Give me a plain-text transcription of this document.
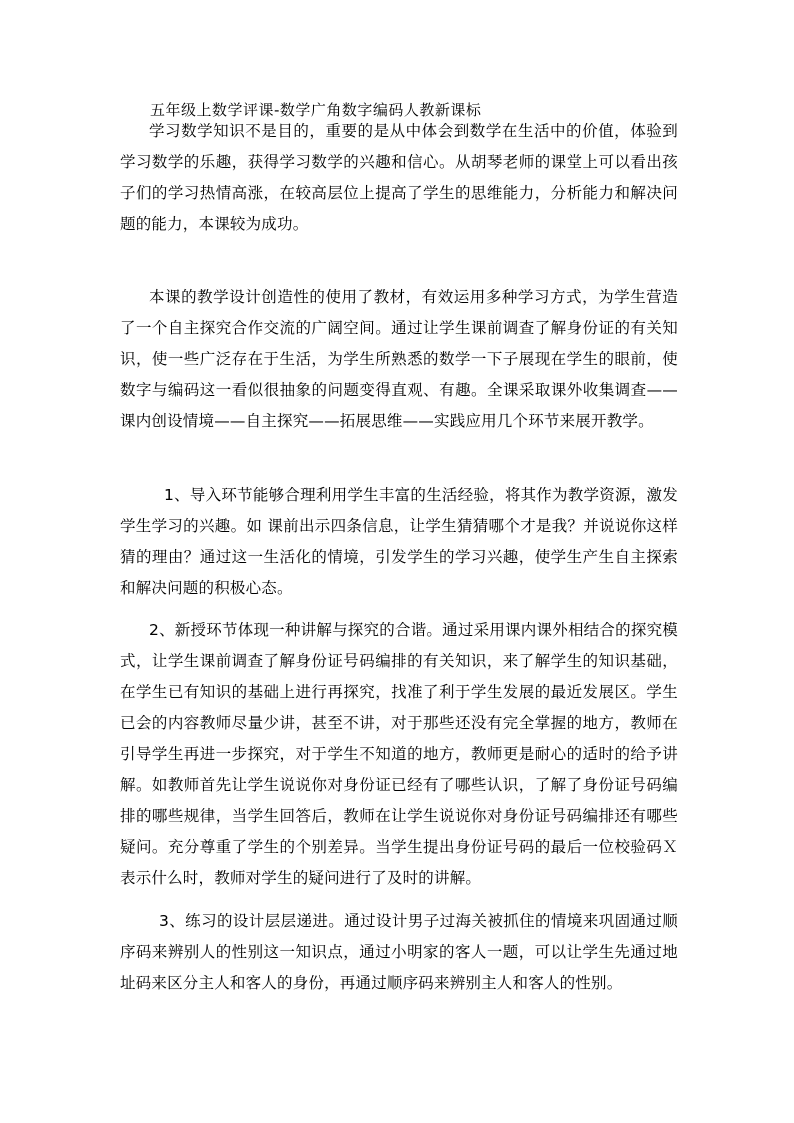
五年级上数学评课-数学广角数字编码人教新课标

学习数学知识不是目的，重要的是从中体会到数学在生活中的价值，体验到学习数学的乐趣，获得学习数学的兴趣和信心。从胡琴老师的课堂上可以看出孩子们的学习热情高涨，在较高层位上提高了学生的思维能力，分析能力和解决问题的能力，本课较为成功。

本课的教学设计创造性的使用了教材，有效运用多种学习方式，为学生营造了一个自主探究合作交流的广阔空间。通过让学生课前调查了解身份证的有关知识，使一些广泛存在于生活，为学生所熟悉的数学一下子展现在学生的眼前，使数字与编码这一看似很抽象的问题变得直观、有趣。全课采取课外收集调查——课内创设情境——自主探究——拓展思维——实践应用几个环节来展开教学。

1、导入环节能够合理利用学生丰富的生活经验，将其作为教学资源，激发学生学习的兴趣。如 课前出示四条信息，让学生猜猜哪个才是我？并说说你这样猜的理由？通过这一生活化的情境，引发学生的学习兴趣，使学生产生自主探索和解决问题的积极心态。

2、新授环节体现一种讲解与探究的合谐。通过采用课内课外相结合的探究模式，让学生课前调查了解身份证号码编排的有关知识，来了解学生的知识基础，在学生已有知识的基础上进行再探究，找准了利于学生发展的最近发展区。学生已会的内容教师尽量少讲，甚至不讲，对于那些还没有完全掌握的地方，教师在引导学生再进一步探究，对于学生不知道的地方，教师更是耐心的适时的给予讲解。如教师首先让学生说说你对身份证已经有了哪些认识，了解了身份证号码编排的哪些规律，当学生回答后，教师在让学生说说你对身份证号码编排还有哪些疑问。充分尊重了学生的个别差异。当学生提出身份证号码的最后一位校验码Ｘ表示什么时，教师对学生的疑问进行了及时的讲解。

3、练习的设计层层递进。通过设计男子过海关被抓住的情境来巩固通过顺序码来辨别人的性别这一知识点，通过小明家的客人一题，可以让学生先通过地址码来区分主人和客人的身份，再通过顺序码来辨别主人和客人的性别。
